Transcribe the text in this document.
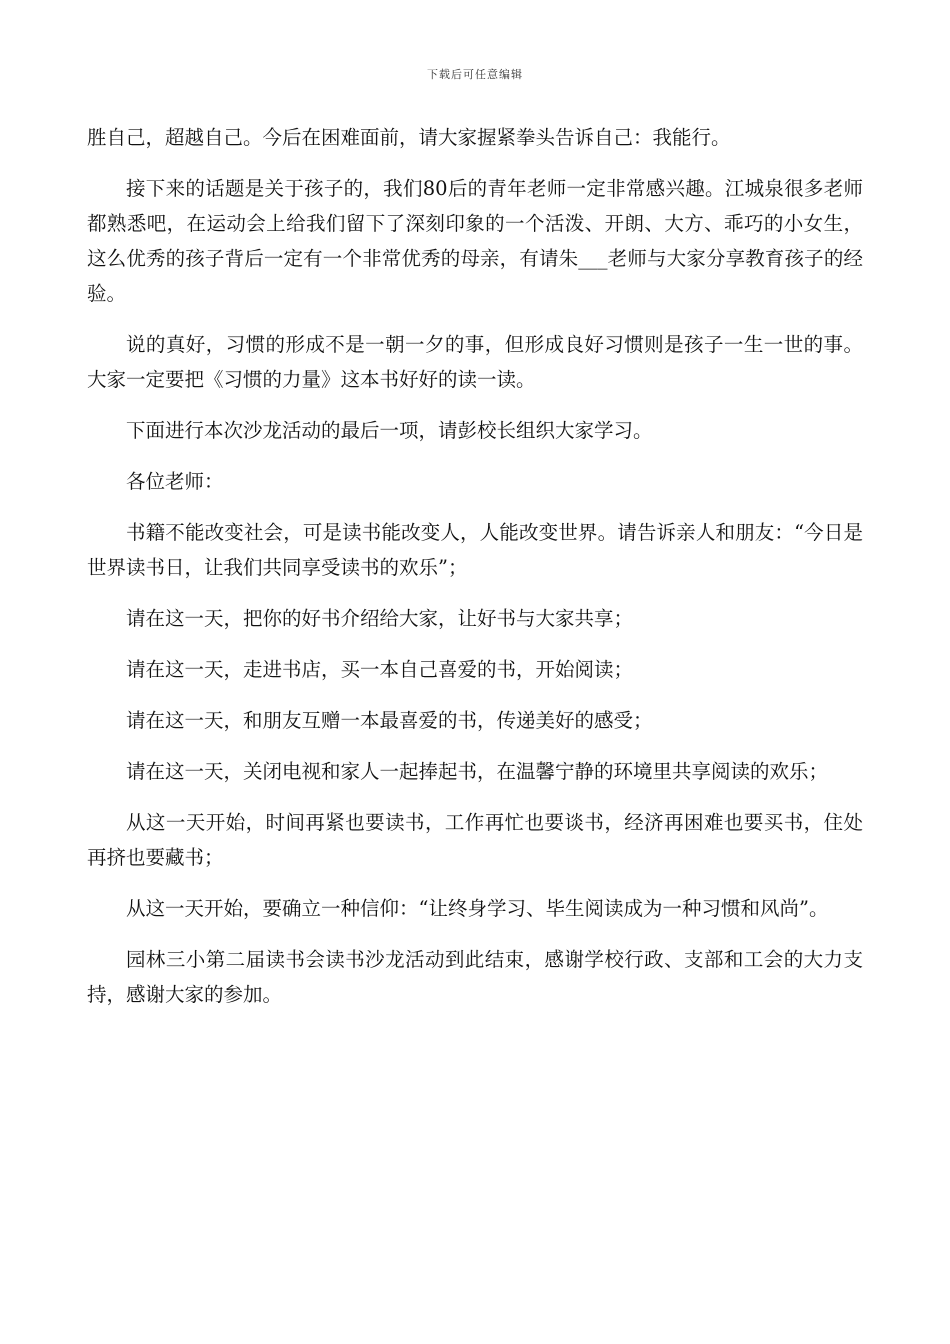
下载后可任意编辑

胜自己，超越自己。今后在困难面前，请大家握紧拳头告诉自己：我能行。

接下来的话题是关于孩子的，我们80后的青年老师一定非常感兴趣。江城泉很多老师都熟悉吧，在运动会上给我们留下了深刻印象的一个活泼、开朗、大方、乖巧的小女生，这么优秀的孩子背后一定有一个非常优秀的母亲，有请朱___老师与大家分享教育孩子的经验。

说的真好，习惯的形成不是一朝一夕的事，但形成良好习惯则是孩子一生一世的事。大家一定要把《习惯的力量》这本书好好的读一读。

下面进行本次沙龙活动的最后一项，请彭校长组织大家学习。

各位老师：

书籍不能改变社会，可是读书能改变人，人能改变世界。请告诉亲人和朋友：“今日是世界读书日，让我们共同享受读书的欢乐”；

请在这一天，把你的好书介绍给大家，让好书与大家共享；

请在这一天，走进书店，买一本自己喜爱的书，开始阅读；

请在这一天，和朋友互赠一本最喜爱的书，传递美好的感受；

请在这一天，关闭电视和家人一起捧起书，在温馨宁静的环境里共享阅读的欢乐；

从这一天开始，时间再紧也要读书，工作再忙也要谈书，经济再困难也要买书，住处再挤也要藏书；

从这一天开始，要确立一种信仰：“让终身学习、毕生阅读成为一种习惯和风尚”。

园林三小第二届读书会读书沙龙活动到此结束，感谢学校行政、支部和工会的大力支持，感谢大家的参加。
